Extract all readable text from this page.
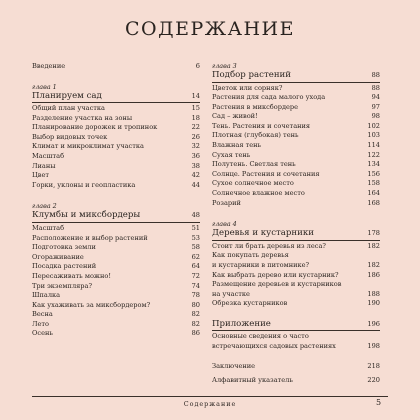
СОДЕРЖАНИЕ
Введение	6
глава 1
Планируем сад	14
Общий план участка	15
Разделение участка на зоны	18
Планирование дорожек и тропинок	22
Выбор видовых точек	26
Климат и микроклимат участка	32
Масштаб	36
Лианы	38
Цвет	42
Горки, уклоны и геопластика	44
глава 2
Клумбы и миксбордеры	48
Масштаб	51
Расположение и выбор растений	53
Подготовка земли	58
Огораживание	62
Посадка растений	64
Пересаживать можно!	72
Три экземпляра?	74
Шпалка	78
Как ухаживать за миксбордером?	80
Весна	82
Лето	82
Осень	86
глава 3
Подбор растений	88
Цветок или сорняк?	88
Растения для сада малого ухода	94
Растения в миксбордере	97
Сад – живой!	98
Тень. Растения и сочетания	102
Плотная (глубокая) тень	103
Влажная тень	114
Сухая тень	122
Полутень. Светлая тень	134
Солнце. Растения и сочетания	156
Сухое солнечное место	158
Солнечное влажное место	164
Розарий	168
глава 4
Деревья и кустарники	178
Стоит ли брать деревья из леса?	182
Как покупать деревья
и кустарники в питомнике?	182
Как выбрать дерево или кустарник?	186
Размещение деревьев и кустарников
на участке	188
Обрезка кустарников	190
Приложение	196
Основные сведения о часто
встречающихся садовых растениях	198
Заключение	218
Алфавитный указатель	220
Содержание	5
